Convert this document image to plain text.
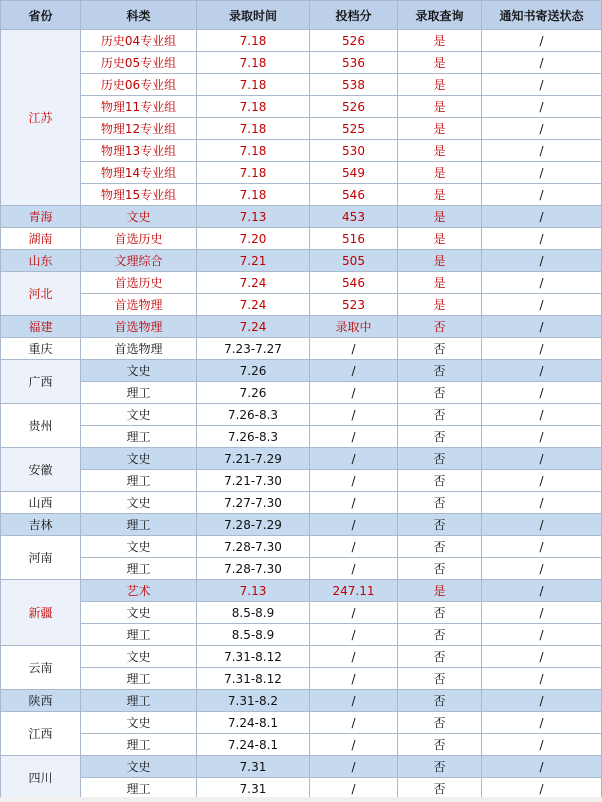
省份	科类	录取时间	投档分	录取查询	通知书寄送状态
江苏	历史04专业组	7.18	526	是	/
	历史05专业组	7.18	536	是	/
	历史06专业组	7.18	538	是	/
	物理11专业组	7.18	526	是	/
	物理12专业组	7.18	525	是	/
	物理13专业组	7.18	530	是	/
	物理14专业组	7.18	549	是	/
	物理15专业组	7.18	546	是	/
青海	文史	7.13	453	是	/
湖南	首选历史	7.20	516	是	/
山东	文理综合	7.21	505	是	/
河北	首选历史	7.24	546	是	/
	首选物理	7.24	523	是	/
福建	首选物理	7.24	录取中	否	/
重庆	首选物理	7.23-7.27	/	否	/
广西	文史	7.26	/	否	/
	理工	7.26	/	否	/
贵州	文史	7.26-8.3	/	否	/
	理工	7.26-8.3	/	否	/
安徽	文史	7.21-7.29	/	否	/
	理工	7.21-7.30	/	否	/
山西	文史	7.27-7.30	/	否	/
吉林	理工	7.28-7.29	/	否	/
河南	文史	7.28-7.30	/	否	/
	理工	7.28-7.30	/	否	/
新疆	艺术	7.13	247.11	是	/
	文史	8.5-8.9	/	否	/
	理工	8.5-8.9	/	否	/
云南	文史	7.31-8.12	/	否	/
	理工	7.31-8.12	/	否	/
陕西	理工	7.31-8.2	/	否	/
江西	文史	7.24-8.1	/	否	/
	理工	7.24-8.1	/	否	/
四川	文史	7.31	/	否	/
	理工	7.31	/	否	/
